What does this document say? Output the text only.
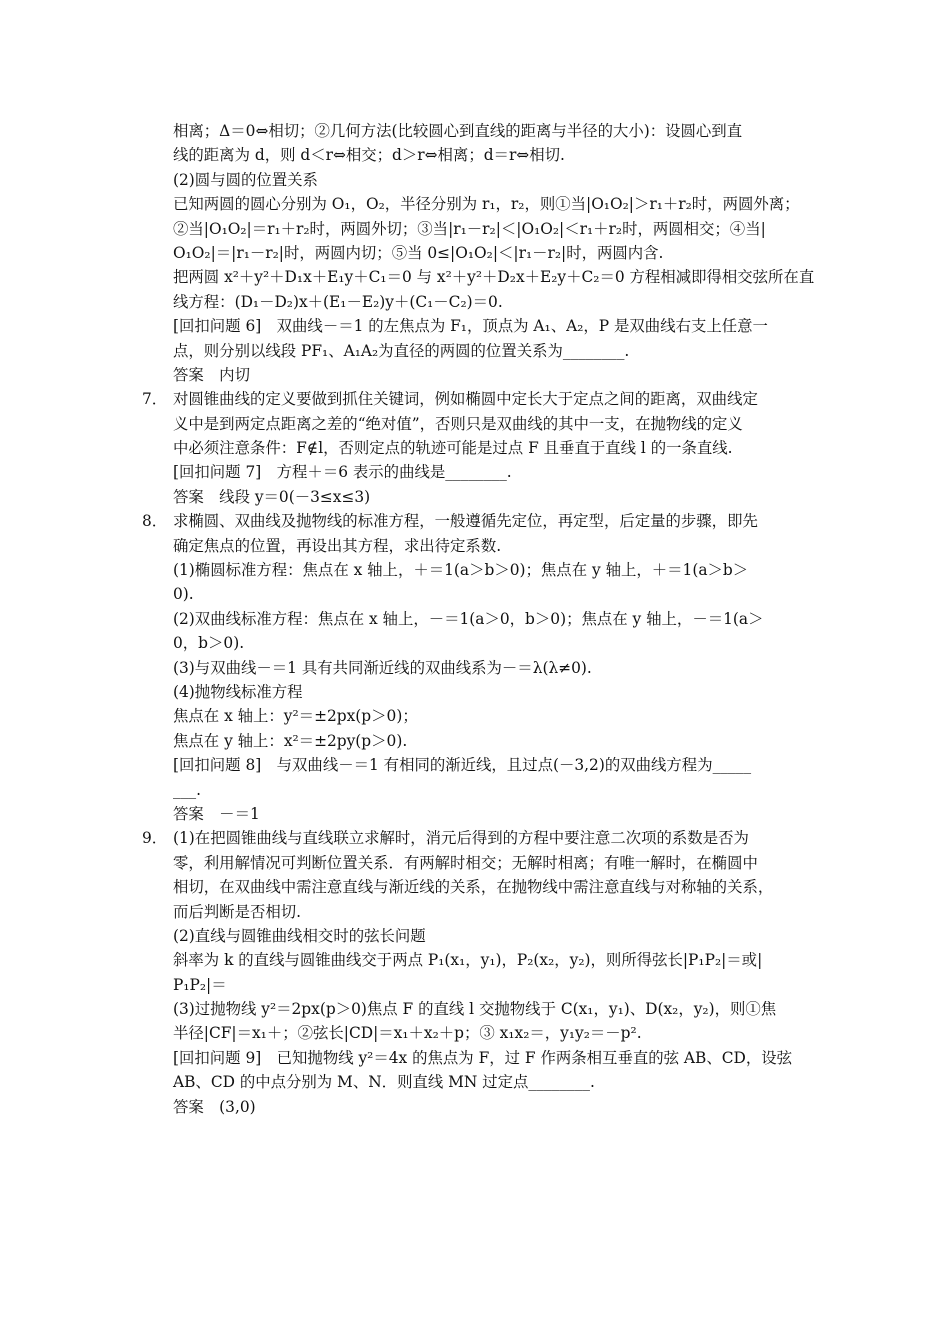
相离；Δ＝0⇔相切；②几何方法(比较圆心到直线的距离与半径的大小)：设圆心到直
线的距离为 d，则 d＜r⇔相交；d＞r⇔相离；d＝r⇔相切.
(2)圆与圆的位置关系
已知两圆的圆心分别为 O₁，O₂，半径分别为 r₁，r₂，则①当|O₁O₂|＞r₁＋r₂时，两圆外离；
②当|O₁O₂|＝r₁＋r₂时，两圆外切；③当|r₁－r₂|＜|O₁O₂|＜r₁＋r₂时，两圆相交；④当|
O₁O₂|＝|r₁－r₂|时，两圆内切；⑤当 0≤|O₁O₂|＜|r₁－r₂|时，两圆内含.
把两圆 x²＋y²＋D₁x＋E₁y＋C₁＝0 与 x²＋y²＋D₂x＋E₂y＋C₂＝0 方程相减即得相交弦所在直
线方程：(D₁－D₂)x＋(E₁－E₂)y＋(C₁－C₂)＝0.
[回扣问题 6]　双曲线－＝1 的左焦点为 F₁，顶点为 A₁、A₂，P 是双曲线右支上任意一
点，则分别以线段 PF₁、A₁A₂为直径的两圆的位置关系为________.
答案　内切
7． 对圆锥曲线的定义要做到抓住关键词，例如椭圆中定长大于定点之间的距离，双曲线定
义中是到两定点距离之差的“绝对值”，否则只是双曲线的其中一支，在抛物线的定义
中必须注意条件：F∉l，否则定点的轨迹可能是过点 F 且垂直于直线 l 的一条直线.
[回扣问题 7]　方程＋＝6 表示的曲线是________.
答案　线段 y＝0(－3≤x≤3)
8． 求椭圆、双曲线及抛物线的标准方程，一般遵循先定位，再定型，后定量的步骤，即先
确定焦点的位置，再设出其方程，求出待定系数.
(1)椭圆标准方程：焦点在 x 轴上，＋＝1(a＞b＞0)；焦点在 y 轴上，＋＝1(a＞b＞
0).
(2)双曲线标准方程：焦点在 x 轴上，－＝1(a＞0，b＞0)；焦点在 y 轴上，－＝1(a＞
0，b＞0).
(3)与双曲线－＝1 具有共同渐近线的双曲线系为－＝λ(λ≠0).
(4)抛物线标准方程
焦点在 x 轴上：y²＝±2px(p＞0)；
焦点在 y 轴上：x²＝±2py(p＞0).
[回扣问题 8]　与双曲线－＝1 有相同的渐近线，且过点(－3,2)的双曲线方程为_____
___.
答案　－＝1
9． (1)在把圆锥曲线与直线联立求解时，消元后得到的方程中要注意二次项的系数是否为
零，利用解情况可判断位置关系．有两解时相交；无解时相离；有唯一解时，在椭圆中
相切，在双曲线中需注意直线与渐近线的关系，在抛物线中需注意直线与对称轴的关系，
而后判断是否相切.
(2)直线与圆锥曲线相交时的弦长问题
斜率为 k 的直线与圆锥曲线交于两点 P₁(x₁，y₁)，P₂(x₂，y₂)，则所得弦长|P₁P₂|＝或|
P₁P₂|＝
(3)过抛物线 y²＝2px(p＞0)焦点 F 的直线 l 交抛物线于 C(x₁，y₁)、D(x₂，y₂)，则①焦
半径|CF|＝x₁＋；②弦长|CD|＝x₁＋x₂＋p；③ x₁x₂＝，y₁y₂＝－p².
[回扣问题 9]　已知抛物线 y²＝4x 的焦点为 F，过 F 作两条相互垂直的弦 AB、CD，设弦
AB、CD 的中点分别为 M、N．则直线 MN 过定点________.
答案　(3,0)
